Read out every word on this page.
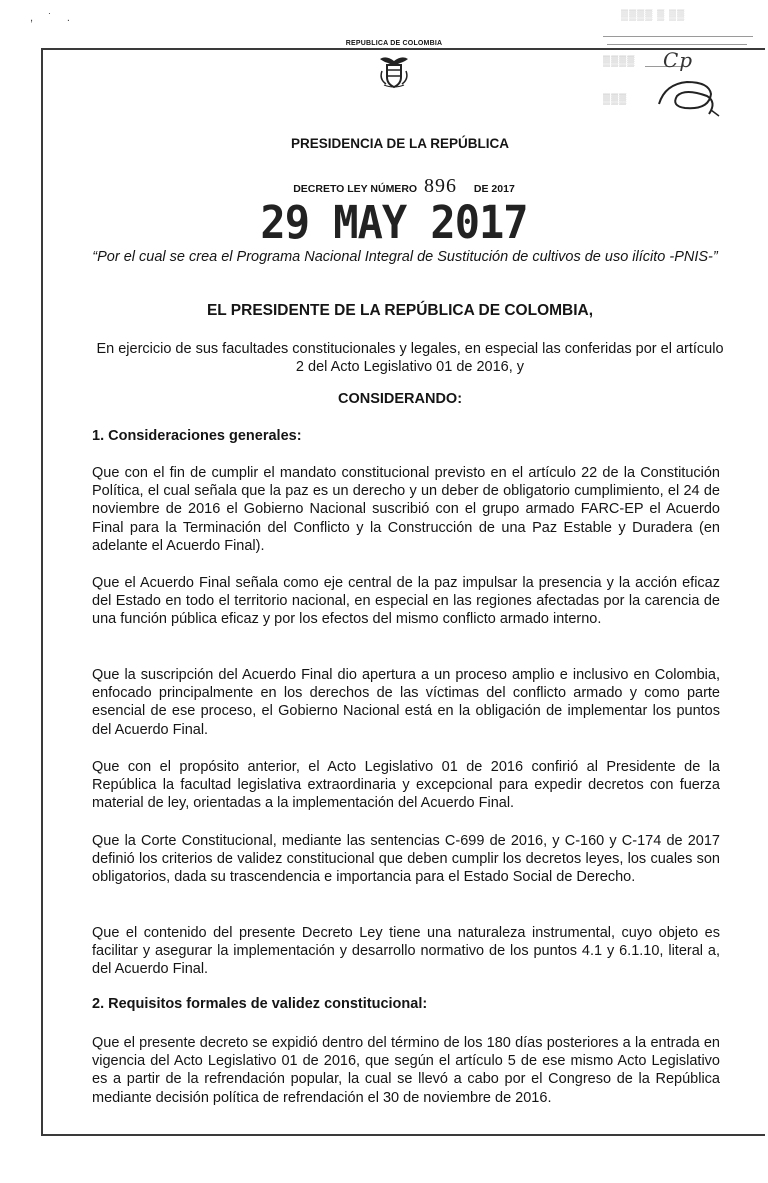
, ˙ .
REPUBLICA DE COLOMBIA
▒▒▒▒ ▒ ▒▒
▒▒▒▒ Cp
▒▒▒
PRESIDENCIA DE LA REPÚBLICA
DECRETO LEY NÚMERO 896 DE 2017
29 MAY 2017
“Por el cual se crea el Programa Nacional Integral de Sustitución de cultivos de uso ilícito -PNIS-”
EL PRESIDENTE DE LA REPÚBLICA DE COLOMBIA,
En ejercicio de sus facultades constitucionales y legales, en especial las conferidas por el artículo 2 del Acto Legislativo 01 de 2016, y
CONSIDERANDO:
1. Consideraciones generales:
Que con el fin de cumplir el mandato constitucional previsto en el artículo 22 de la Constitución Política, el cual señala que la paz es un derecho y un deber de obligatorio cumplimiento, el 24 de noviembre de 2016 el Gobierno Nacional suscribió con el grupo armado FARC-EP el Acuerdo Final para la Terminación del Conflicto y la Construcción de una Paz Estable y Duradera (en adelante el Acuerdo Final).
Que el Acuerdo Final señala como eje central de la paz impulsar la presencia y la acción eficaz del Estado en todo el territorio nacional, en especial en las regiones afectadas por la carencia de una función pública eficaz y por los efectos del mismo conflicto armado interno.
Que la suscripción del Acuerdo Final dio apertura a un proceso amplio e inclusivo en Colombia, enfocado principalmente en los derechos de las víctimas del conflicto armado y como parte esencial de ese proceso, el Gobierno Nacional está en la obligación de implementar los puntos del Acuerdo Final.
Que con el propósito anterior, el Acto Legislativo 01 de 2016 confirió al Presidente de la República la facultad legislativa extraordinaria y excepcional para expedir decretos con fuerza material de ley, orientadas a la implementación del Acuerdo Final.
Que la Corte Constitucional, mediante las sentencias C-699 de 2016, y C-160 y C-174 de 2017 definió los criterios de validez constitucional que deben cumplir los decretos leyes, los cuales son obligatorios, dada su trascendencia e importancia para el Estado Social de Derecho.
Que el contenido del presente Decreto Ley tiene una naturaleza instrumental, cuyo objeto es facilitar y asegurar la implementación y desarrollo normativo de los puntos 4.1 y 6.1.10, literal a, del Acuerdo Final.
2. Requisitos formales de validez constitucional:
Que el presente decreto se expidió dentro del término de los 180 días posteriores a la entrada en vigencia del Acto Legislativo 01 de 2016, que según el artículo 5 de ese mismo Acto Legislativo es a partir de la refrendación popular, la cual se llevó a cabo por el Congreso de la República mediante decisión política de refrendación el 30 de noviembre de 2016.
